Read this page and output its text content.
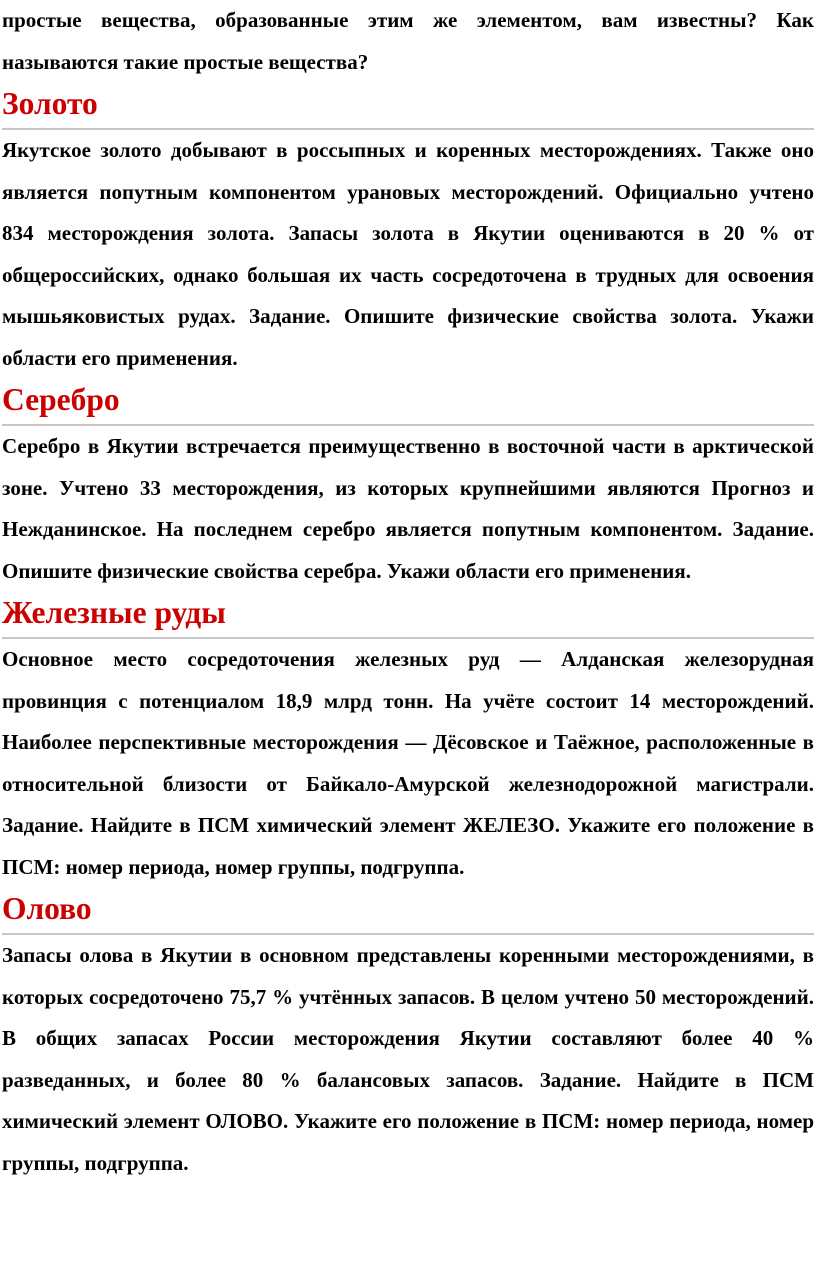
простые вещества, образованные этим же элементом, вам известны? Как называются такие простые вещества?

Золото

Якутское золото добывают в россыпных и коренных месторождениях. Также оно является попутным компонентом урановых месторождений. Официально учтено 834 месторождения золота. Запасы золота в Якутии оцениваются в 20 % от общероссийских, однако большая их часть сосредоточена в трудных для освоения мышьяковистых рудах. Задание. Опишите физические свойства золота. Укажи области его применения.

Серебро

Серебро в Якутии встречается преимущественно в восточной части в арктической зоне. Учтено 33 месторождения, из которых крупнейшими являются Прогноз и Нежданинское. На последнем серебро является попутным компонентом. Задание. Опишите физические свойства серебра. Укажи области его применения.

Железные руды

Основное место сосредоточения железных руд — Алданская железорудная провинция с потенциалом 18,9 млрд тонн. На учёте состоит 14 месторождений. Наиболее перспективные месторождения — Дёсовское и Таёжное, расположенные в относительной близости от Байкало-Амурской железнодорожной магистрали. Задание. Найдите в ПСМ химический элемент ЖЕЛЕЗО. Укажите его положение в ПСМ: номер периода, номер группы, подгруппа.

Олово

Запасы олова в Якутии в основном представлены коренными месторождениями, в которых сосредоточено 75,7 % учтённых запасов. В целом учтено 50 месторождений. В общих запасах России месторождения Якутии составляют более 40 % разведанных, и более 80 % балансовых запасов. Задание. Найдите в ПСМ химический элемент ОЛОВО. Укажите его положение в ПСМ: номер периода, номер группы, подгруппа.
